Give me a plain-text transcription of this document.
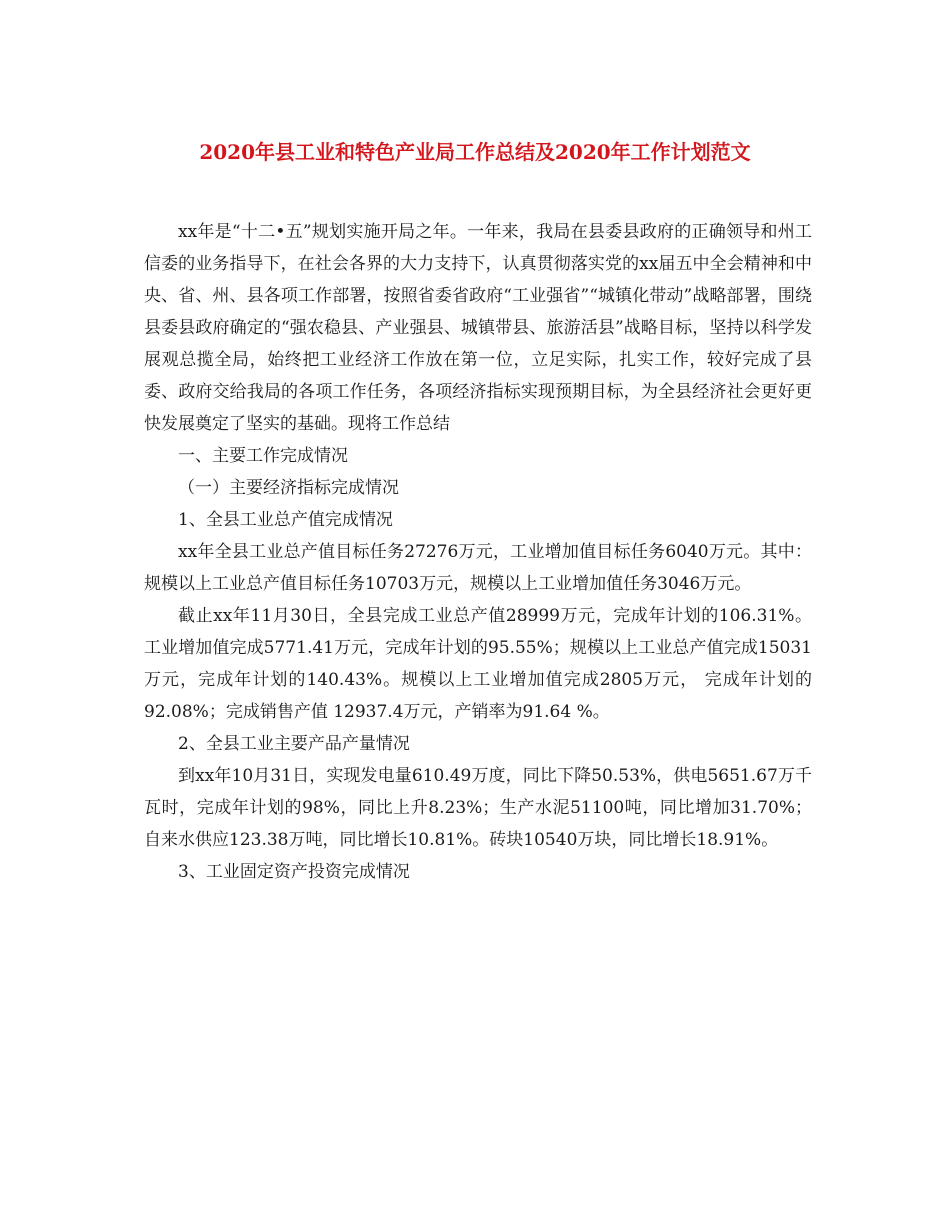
2020年县工业和特色产业局工作总结及2020年工作计划范文

xx年是“十二•五”规划实施开局之年。一年来，我局在县委县政府的正确领导和州工信委的业务指导下，在社会各界的大力支持下，认真贯彻落实党的xx届五中全会精神和中央、省、州、县各项工作部署，按照省委省政府“工业强省”“城镇化带动”战略部署，围绕县委县政府确定的“强农稳县、产业强县、城镇带县、旅游活县”战略目标，坚持以科学发展观总揽全局，始终把工业经济工作放在第一位，立足实际，扎实工作，较好完成了县委、政府交给我局的各项工作任务，各项经济指标实现预期目标，为全县经济社会更好更快发展奠定了坚实的基础。现将工作总结

一、主要工作完成情况

（一）主要经济指标完成情况

1、全县工业总产值完成情况

xx年全县工业总产值目标任务27276万元，工业增加值目标任务6040万元。其中：规模以上工业总产值目标任务10703万元，规模以上工业增加值任务3046万元。

截止xx年11月30日，全县完成工业总产值28999万元，完成年计划的106.31%。工业增加值完成5771.41万元，完成年计划的95.55%；规模以上工业总产值完成15031万元，完成年计划的140.43%。规模以上工业增加值完成2805万元， 完成年计划的92.08%；完成销售产值 12937.4万元，产销率为91.64 %。

2、全县工业主要产品产量情况

到xx年10月31日，实现发电量610.49万度，同比下降50.53%，供电5651.67万千瓦时，完成年计划的98%，同比上升8.23%；生产水泥51100吨，同比增加31.70%；自来水供应123.38万吨，同比增长10.81%。砖块10540万块，同比增长18.91%。

3、工业固定资产投资完成情况
